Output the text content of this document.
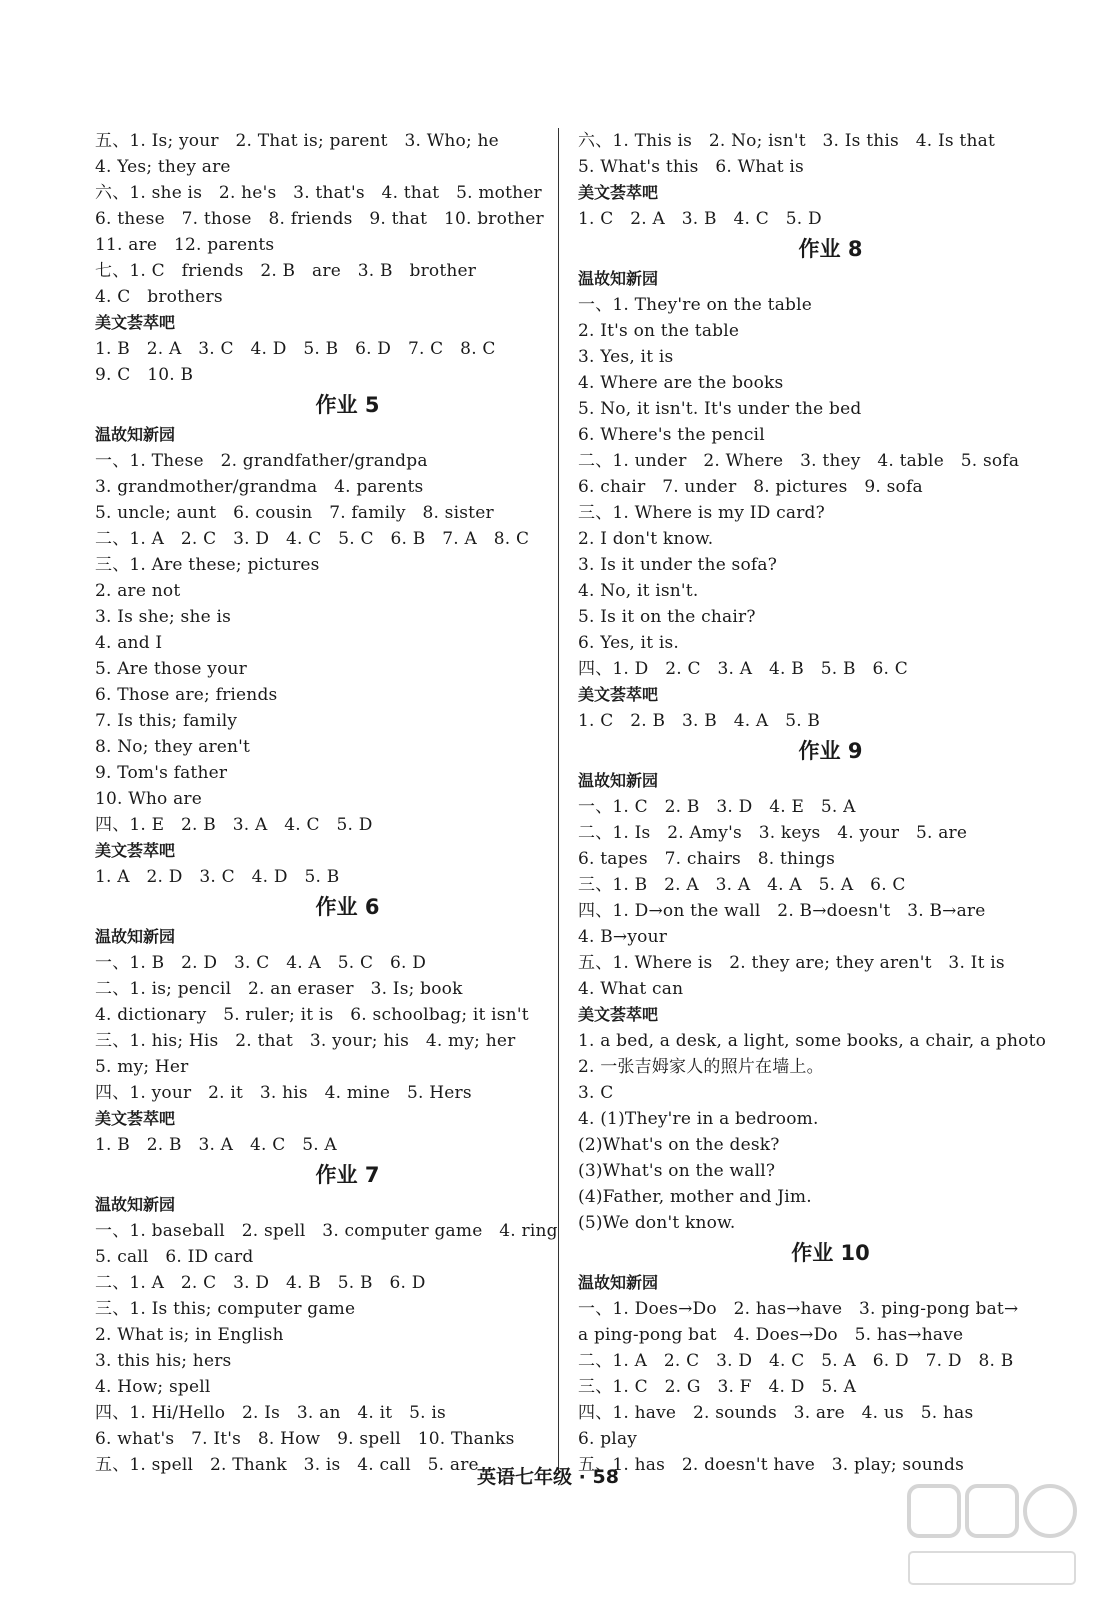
五、1. Is; your   2. That is; parent   3. Who; he
4. Yes; they are
六、1. she is   2. he's   3. that's   4. that   5. mother
6. these   7. those   8. friends   9. that   10. brother
11. are   12. parents
七、1. C   friends   2. B   are   3. B   brother
4. C   brothers
美文荟萃吧
1. B   2. A   3. C   4. D   5. B   6. D   7. C   8. C
9. C   10. B
作业 5
温故知新园
一、1. These   2. grandfather/grandpa
3. grandmother/grandma   4. parents
5. uncle; aunt   6. cousin   7. family   8. sister
二、1. A   2. C   3. D   4. C   5. C   6. B   7. A   8. C
三、1. Are these; pictures
2. are not
3. Is she; she is
4. and I
5. Are those your
6. Those are; friends
7. Is this; family
8. No; they aren't
9. Tom's father
10. Who are
四、1. E   2. B   3. A   4. C   5. D
美文荟萃吧
1. A   2. D   3. C   4. D   5. B
作业 6
温故知新园
一、1. B   2. D   3. C   4. A   5. C   6. D
二、1. is; pencil   2. an eraser   3. Is; book
4. dictionary   5. ruler; it is   6. schoolbag; it isn't
三、1. his; His   2. that   3. your; his   4. my; her
5. my; Her
四、1. your   2. it   3. his   4. mine   5. Hers
美文荟萃吧
1. B   2. B   3. A   4. C   5. A
作业 7
温故知新园
一、1. baseball   2. spell   3. computer game   4. ring
5. call   6. ID card
二、1. A   2. C   3. D   4. B   5. B   6. D
三、1. Is this; computer game
2. What is; in English
3. this his; hers
4. How; spell
四、1. Hi/Hello   2. Is   3. an   4. it   5. is
6. what's   7. It's   8. How   9. spell   10. Thanks
五、1. spell   2. Thank   3. is   4. call   5. are
六、1. This is   2. No; isn't   3. Is this   4. Is that
5. What's this   6. What is
美文荟萃吧
1. C   2. A   3. B   4. C   5. D
作业 8
温故知新园
一、1. They're on the table
2. It's on the table
3. Yes, it is
4. Where are the books
5. No, it isn't. It's under the bed
6. Where's the pencil
二、1. under   2. Where   3. they   4. table   5. sofa
6. chair   7. under   8. pictures   9. sofa
三、1. Where is my ID card?
2. I don't know.
3. Is it under the sofa?
4. No, it isn't.
5. Is it on the chair?
6. Yes, it is.
四、1. D   2. C   3. A   4. B   5. B   6. C
美文荟萃吧
1. C   2. B   3. B   4. A   5. B
作业 9
温故知新园
一、1. C   2. B   3. D   4. E   5. A
二、1. Is   2. Amy's   3. keys   4. your   5. are
6. tapes   7. chairs   8. things
三、1. B   2. A   3. A   4. A   5. A   6. C
四、1. D→on the wall   2. B→doesn't   3. B→are
4. B→your
五、1. Where is   2. they are; they aren't   3. It is
4. What can
美文荟萃吧
1. a bed, a desk, a light, some books, a chair, a photo
2. 一张吉姆家人的照片在墙上。
3. C
4. (1)They're in a bedroom.
(2)What's on the desk?
(3)What's on the wall?
(4)Father, mother and Jim.
(5)We don't know.
作业 10
温故知新园
一、1. Does→Do   2. has→have   3. ping-pong bat→
a ping-pong bat   4. Does→Do   5. has→have
二、1. A   2. C   3. D   4. C   5. A   6. D   7. D   8. B
三、1. C   2. G   3. F   4. D   5. A
四、1. have   2. sounds   3. are   4. us   5. has
6. play
五、1. has   2. doesn't have   3. play; sounds
英语七年级 · 58
